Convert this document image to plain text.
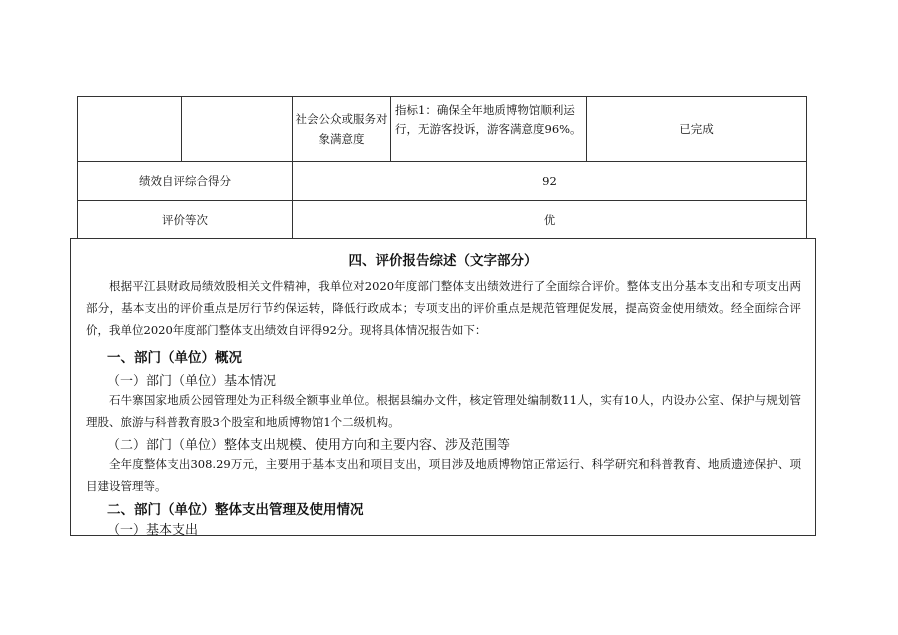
		社会公众或服务对象满意度	指标1：确保全年地质博物馆顺利运行，无游客投诉，游客满意度96%。	已完成
绩效自评综合得分		92		
评价等次		优		
四、评价报告综述（文字部分）
根据平江县财政局绩效股相关文件精神，我单位对2020年度部门整体支出绩效进行了全面综合评价。整体支出分基本支出和专项支出两部分，基本支出的评价重点是厉行节约保运转，降低行政成本；专项支出的评价重点是规范管理促发展，提高资金使用绩效。经全面综合评价，我单位2020年度部门整体支出绩效自评得92分。现将具体情况报告如下：
一、部门（单位）概况
（一）部门（单位）基本情况
石牛寨国家地质公园管理处为正科级全额事业单位。根据县编办文件，核定管理处编制数11人，实有10人，内设办公室、保护与规划管理股、旅游与科普教育股3个股室和地质博物馆1个二级机构。
（二）部门（单位）整体支出规模、使用方向和主要内容、涉及范围等
全年度整体支出308.29万元，主要用于基本支出和项目支出，项目涉及地质博物馆正常运行、科学研究和科普教育、地质遗迹保护、项目建设管理等。
二、部门（单位）整体支出管理及使用情况
（一）基本支出
